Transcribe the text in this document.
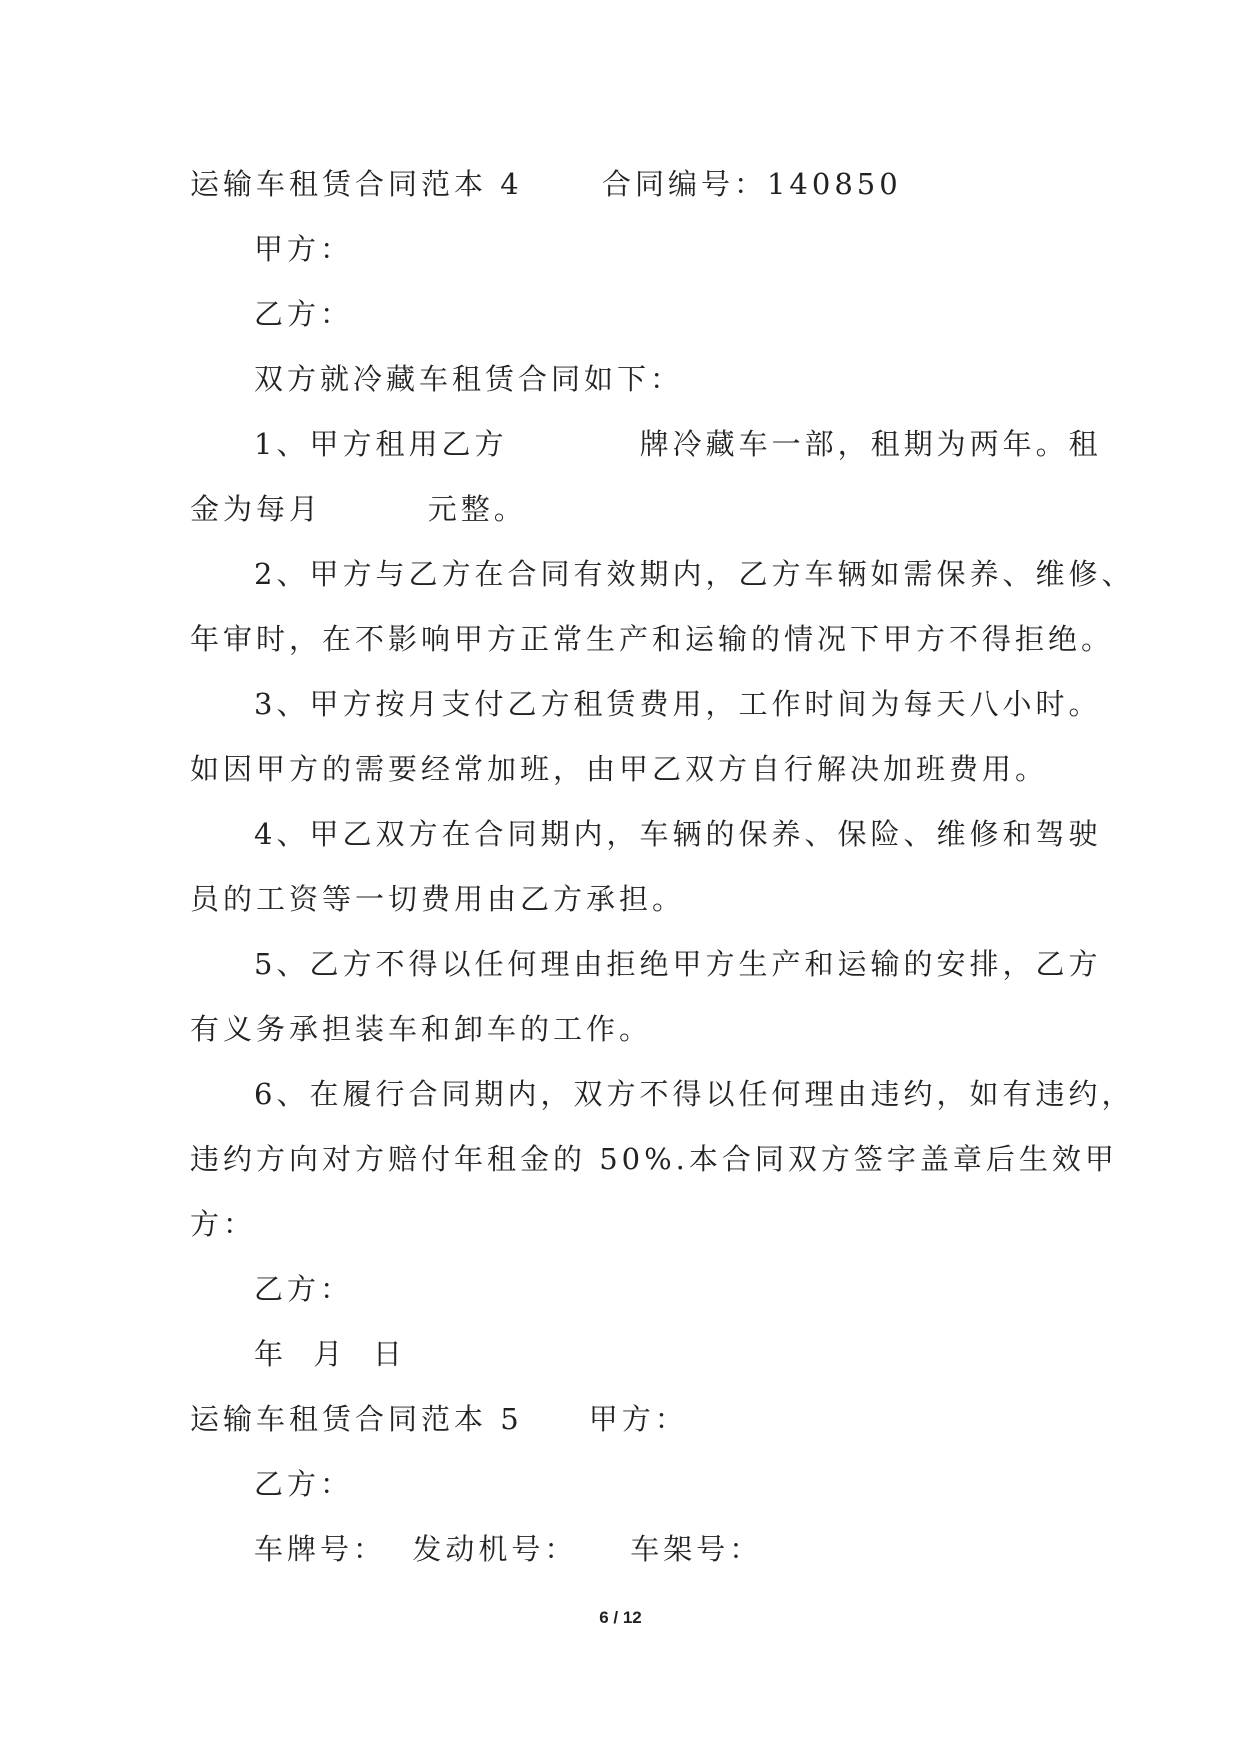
运输车租赁合同范本 4      合同编号：140850
甲方：
乙方：
双方就冷藏车租赁合同如下：
1、甲方租用乙方          牌冷藏车一部，租期为两年。租
金为每月        元整。
2、甲方与乙方在合同有效期内，乙方车辆如需保养、维修、
年审时，在不影响甲方正常生产和运输的情况下甲方不得拒绝。
3、甲方按月支付乙方租赁费用，工作时间为每天八小时。
如因甲方的需要经常加班，由甲乙双方自行解决加班费用。
4、甲乙双方在合同期内，车辆的保养、保险、维修和驾驶
员的工资等一切费用由乙方承担。
5、乙方不得以任何理由拒绝甲方生产和运输的安排，乙方
有义务承担装车和卸车的工作。
6、在履行合同期内，双方不得以任何理由违约，如有违约，
违约方向对方赔付年租金的 50%.本合同双方签字盖章后生效甲
方：
乙方：
年  月  日
运输车租赁合同范本 5     甲方：
乙方：
车牌号：  发动机号：    车架号：
6 / 12
